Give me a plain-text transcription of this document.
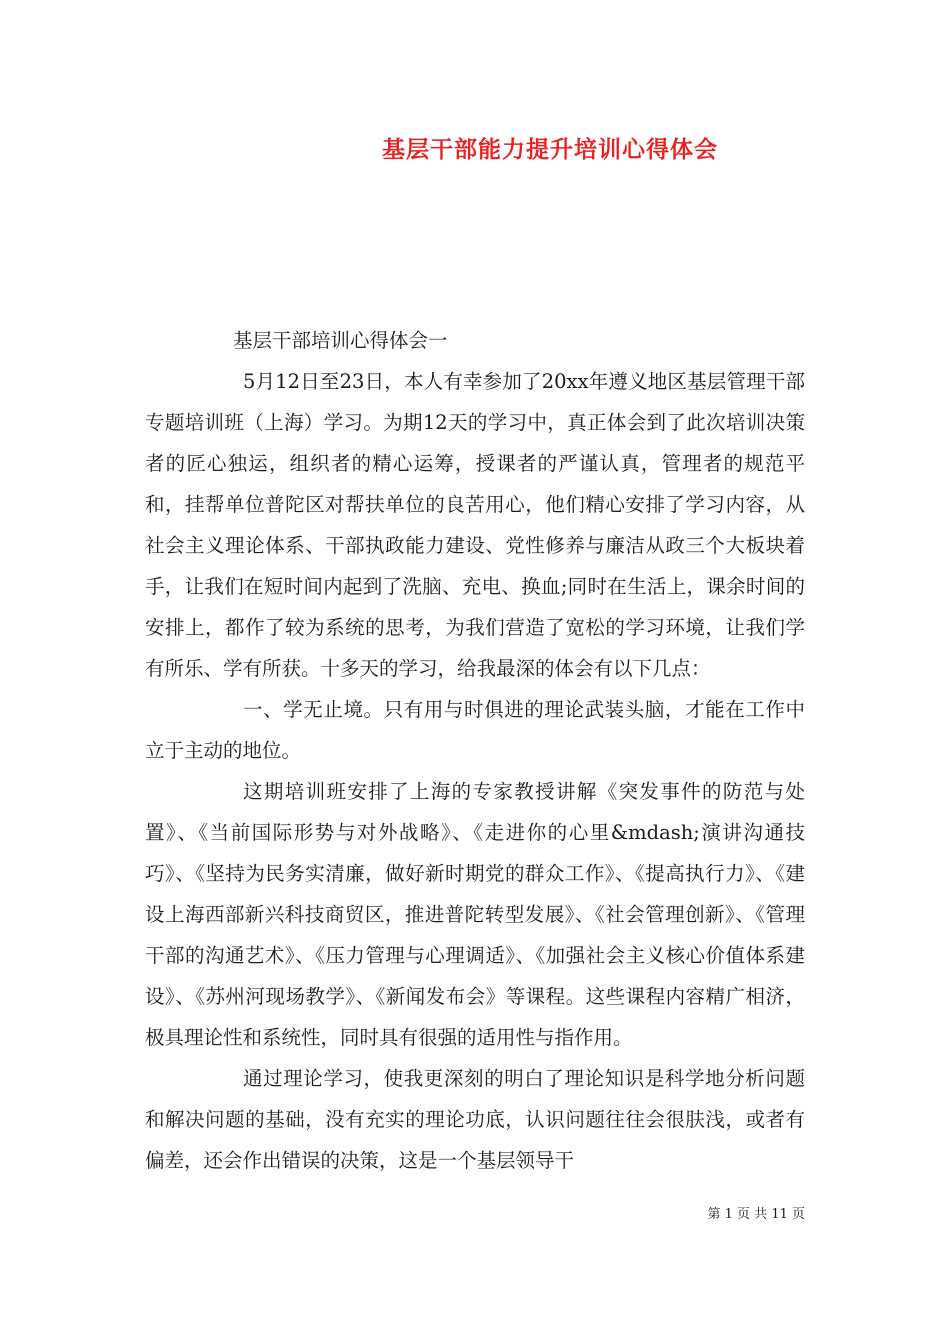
基层干部能力提升培训心得体会

基层干部培训心得体会一

5月12日至23日，本人有幸参加了20xx年遵义地区基层管理干部专题培训班（上海）学习。为期12天的学习中，真正体会到了此次培训决策者的匠心独运，组织者的精心运筹，授课者的严谨认真，管理者的规范平和，挂帮单位普陀区对帮扶单位的良苦用心，他们精心安排了学习内容，从社会主义理论体系、干部执政能力建设、党性修养与廉洁从政三个大板块着手，让我们在短时间内起到了洗脑、充电、换血;同时在生活上，课余时间的安排上，都作了较为系统的思考，为我们营造了宽松的学习环境，让我们学有所乐、学有所获。十多天的学习，给我最深的体会有以下几点：

一、学无止境。只有用与时俱进的理论武装头脑，才能在工作中立于主动的地位。

这期培训班安排了上海的专家教授讲解《突发事件的防范与处置》、《当前国际形势与对外战略》、《走进你的心里&mdash;演讲沟通技巧》、《坚持为民务实清廉，做好新时期党的群众工作》、《提高执行力》、《建设上海西部新兴科技商贸区，推进普陀转型发展》、《社会管理创新》、《管理干部的沟通艺术》、《压力管理与心理调适》、《加强社会主义核心价值体系建设》、《苏州河现场教学》、《新闻发布会》等课程。这些课程内容精广相济，极具理论性和系统性，同时具有很强的适用性与指作用。

通过理论学习，使我更深刻的明白了理论知识是科学地分析问题和解决问题的基础，没有充实的理论功底，认识问题往往会很肤浅，或者有偏差，还会作出错误的决策，这是一个基层领导干

第 1 页 共 11 页
